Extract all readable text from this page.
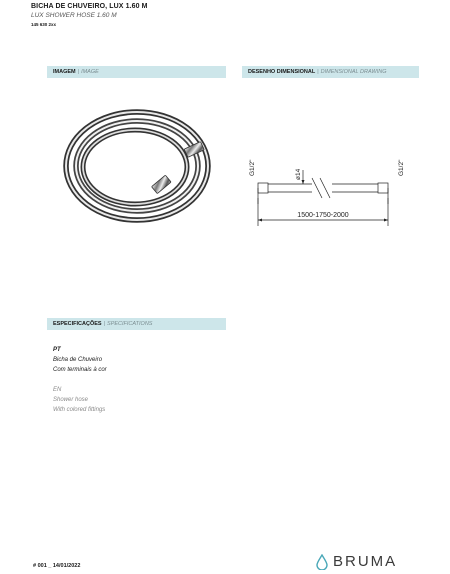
BICHA DE CHUVEIRO, LUX 1.60 M
LUX SHOWER HOSE 1.60 M
145 630 2xx
IMAGEM | IMAGE	DESENHO DIMENSIONAL | DIMENSIONAL DRAWING
G1/2"	G1/2"
ø14
1500-1750-2000
ESPECIFICAÇÕES | SPECIFICATIONS
PT
Bicha de Chuveiro
Com terminais à cor
EN
Shower hose
With colored fittings
# 001 _ 14/01/2022	BRUMA
